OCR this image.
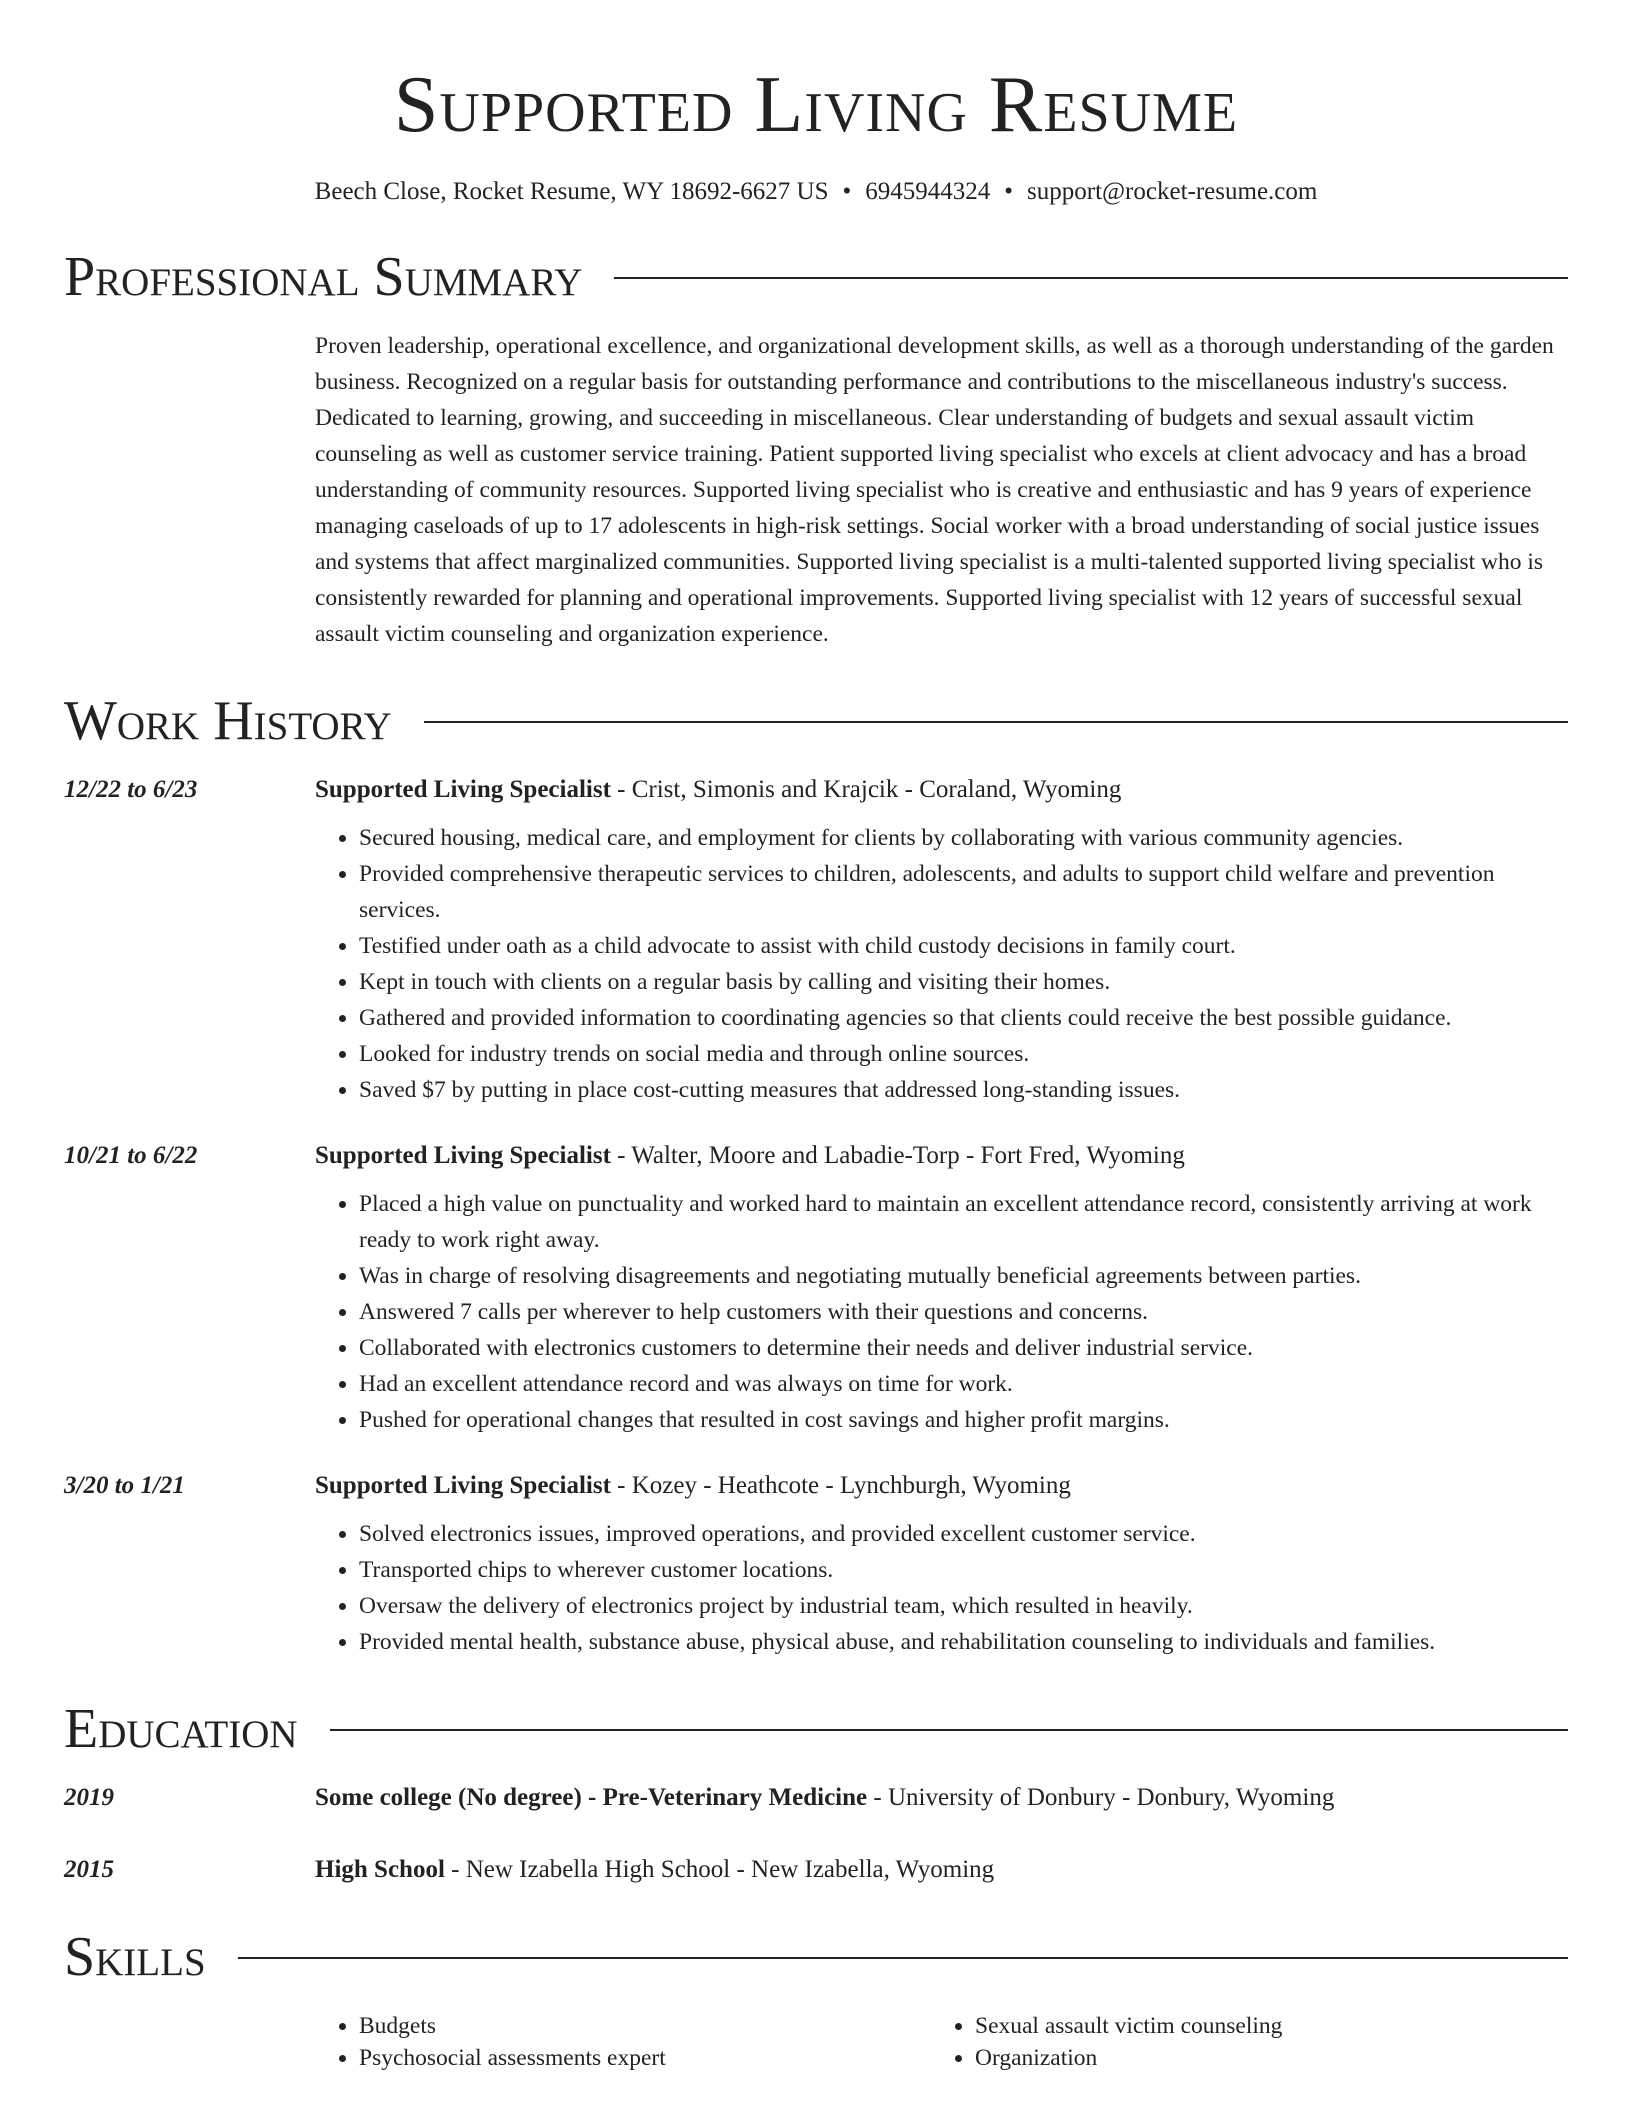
Supported Living Resume
Beech Close, Rocket Resume, WY 18692-6627 US • 6945944324 • support@rocket-resume.com
Professional Summary
Proven leadership, operational excellence, and organizational development skills, as well as a thorough understanding of the garden business. Recognized on a regular basis for outstanding performance and contributions to the miscellaneous industry's success. Dedicated to learning, growing, and succeeding in miscellaneous. Clear understanding of budgets and sexual assault victim counseling as well as customer service training. Patient supported living specialist who excels at client advocacy and has a broad understanding of community resources. Supported living specialist who is creative and enthusiastic and has 9 years of experience managing caseloads of up to 17 adolescents in high-risk settings. Social worker with a broad understanding of social justice issues and systems that affect marginalized communities. Supported living specialist is a multi-talented supported living specialist who is consistently rewarded for planning and operational improvements. Supported living specialist with 12 years of successful sexual assault victim counseling and organization experience.
Work History
12/22 to 6/23	Supported Living Specialist - Crist, Simonis and Krajcik - Coraland, Wyoming
• Secured housing, medical care, and employment for clients by collaborating with various community agencies.
• Provided comprehensive therapeutic services to children, adolescents, and adults to support child welfare and prevention services.
• Testified under oath as a child advocate to assist with child custody decisions in family court.
• Kept in touch with clients on a regular basis by calling and visiting their homes.
• Gathered and provided information to coordinating agencies so that clients could receive the best possible guidance.
• Looked for industry trends on social media and through online sources.
• Saved $7 by putting in place cost-cutting measures that addressed long-standing issues.
10/21 to 6/22	Supported Living Specialist - Walter, Moore and Labadie-Torp - Fort Fred, Wyoming
• Placed a high value on punctuality and worked hard to maintain an excellent attendance record, consistently arriving at work ready to work right away.
• Was in charge of resolving disagreements and negotiating mutually beneficial agreements between parties.
• Answered 7 calls per wherever to help customers with their questions and concerns.
• Collaborated with electronics customers to determine their needs and deliver industrial service.
• Had an excellent attendance record and was always on time for work.
• Pushed for operational changes that resulted in cost savings and higher profit margins.
3/20 to 1/21	Supported Living Specialist - Kozey - Heathcote - Lynchburgh, Wyoming
• Solved electronics issues, improved operations, and provided excellent customer service.
• Transported chips to wherever customer locations.
• Oversaw the delivery of electronics project by industrial team, which resulted in heavily.
• Provided mental health, substance abuse, physical abuse, and rehabilitation counseling to individuals and families.
Education
2019	Some college (No degree) - Pre-Veterinary Medicine - University of Donbury - Donbury, Wyoming
2015	High School - New Izabella High School - New Izabella, Wyoming
Skills
• Budgets
• Psychosocial assessments expert
• Sexual assault victim counseling
• Organization
